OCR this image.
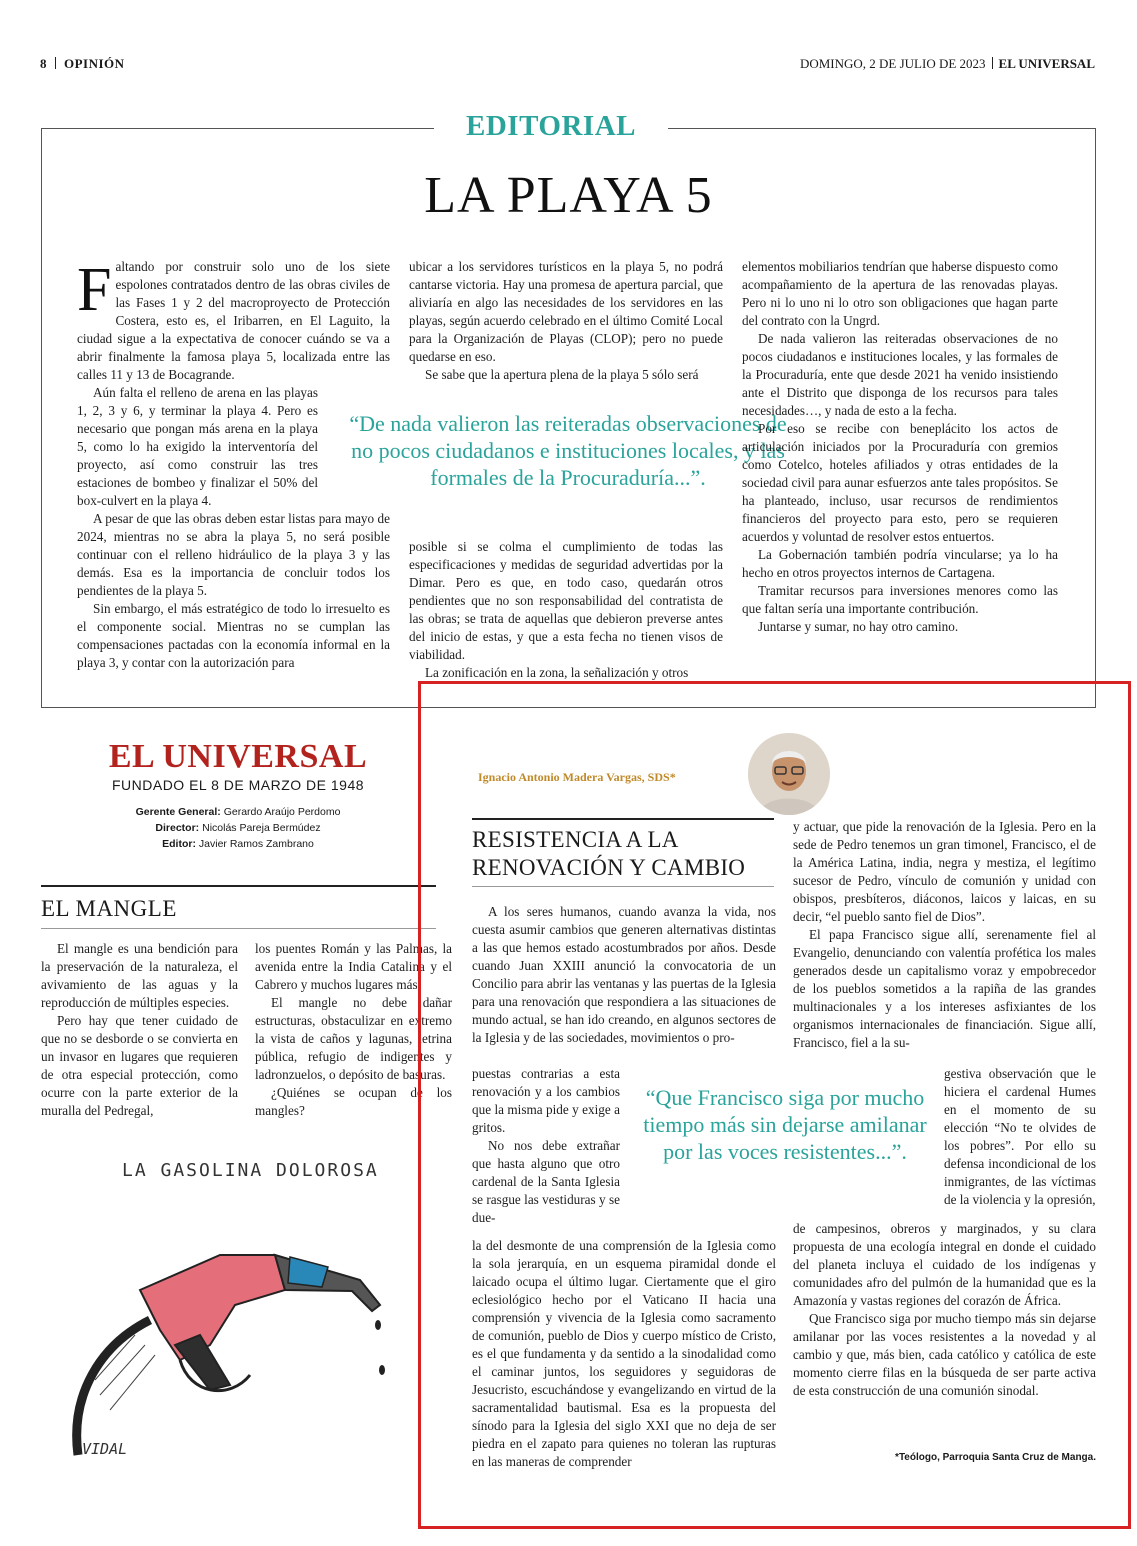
8 OPINIÓN	DOMINGO, 2 DE JULIO DE 2023 EL UNIVERSAL
EDITORIAL
LA PLAYA 5

Faltando por construir solo uno de los siete espolones contratados dentro de las obras civiles de las Fases 1 y 2 del macroproyecto de Protección Costera, esto es, el Iribarren, en El Laguito, la ciudad sigue a la expectativa de conocer cuándo se va a abrir finalmente la famosa playa 5, localizada entre las calles 11 y 13 de Bocagrande.

Aún falta el relleno de arena en las playas 1, 2, 3 y 6, y terminar la playa 4. Pero es necesario que pongan más arena en la playa 5, como lo ha exigido la interventoría del proyecto, así como construir las tres estaciones de bombeo y finalizar el 50% del box-culvert en la playa 4.

A pesar de que las obras deben estar listas para mayo de 2024, mientras no se abra la playa 5, no será posible continuar con el relleno hidráulico de la playa 3 y las demás. Esa es la importancia de concluir todos los pendientes de la playa 5.

Sin embargo, el más estratégico de todo lo irresuelto es el componente social. Mientras no se cumplan las compensaciones pactadas con la economía informal en la playa 3, y contar con la autorización para

ubicar a los servidores turísticos en la playa 5, no podrá cantarse victoria. Hay una promesa de apertura parcial, que aliviaría en algo las necesidades de los servidores en las playas, según acuerdo celebrado en el último Comité Local para la Organización de Playas (CLOP); pero no puede quedarse en eso.

Se sabe que la apertura plena de la playa 5 sólo será

“De nada valieron las reiteradas observaciones de no pocos ciudadanos e instituciones locales, y las formales de la Procuraduría...”.

posible si se colma el cumplimiento de todas las especificaciones y medidas de seguridad advertidas por la Dimar. Pero es que, en todo caso, quedarán otros pendientes que no son responsabilidad del contratista de las obras; se trata de aquellas que debieron preverse antes del inicio de estas, y que a esta fecha no tienen visos de viabilidad.

La zonificación en la zona, la señalización y otros

elementos mobiliarios tendrían que haberse dispuesto como acompañamiento de la apertura de las renovadas playas. Pero ni lo uno ni lo otro son obligaciones que hagan parte del contrato con la Ungrd.

De nada valieron las reiteradas observaciones de no pocos ciudadanos e instituciones locales, y las formales de la Procuraduría, ente que desde 2021 ha venido insistiendo ante el Distrito que disponga de los recursos para tales necesidades…, y nada de esto a la fecha.

Por eso se recibe con beneplácito los actos de articulación iniciados por la Procuraduría con gremios como Cotelco, hoteles afiliados y otras entidades de la sociedad civil para aunar esfuerzos ante tales propósitos. Se ha planteado, incluso, usar recursos de rendimientos financieros del proyecto para esto, pero se requieren acuerdos y voluntad de resolver estos entuertos.

La Gobernación también podría vincularse; ya lo ha hecho en otros proyectos internos de Cartagena.

Tramitar recursos para inversiones menores como las que faltan sería una importante contribución.

Juntarse y sumar, no hay otro camino.

EL UNIVERSAL
FUNDADO EL 8 DE MARZO DE 1948
Gerente General: Gerardo Araújo Perdomo
Director: Nicolás Pareja Bermúdez
Editor: Javier Ramos Zambrano
EL MANGLE

El mangle es una bendición para la preservación de la naturaleza, el avivamiento de las aguas y la reproducción de múltiples especies.

Pero hay que tener cuidado de que no se desborde o se convierta en un invasor en lugares que requieren de otra especial protección, como ocurre con la parte exterior de la muralla del Pedregal,

los puentes Román y las Palmas, la avenida entre la India Catalina y el Cabrero y muchos lugares más.

El mangle no debe dañar estructuras, obstaculizar en extremo la vista de caños y lagunas, letrina pública, refugio de indigentes y ladronzuelos, o depósito de basuras.

¿Quiénes se ocupan de los mangles?

LA GASOLINA DOLOROSA
VIDAL
Ignacio Antonio Madera Vargas, SDS*
RESISTENCIA A LA RENOVACIÓN Y CAMBIO

A los seres humanos, cuando avanza la vida, nos cuesta asumir cambios que generen alternativas distintas a las que hemos estado acostumbrados por años. Desde cuando Juan XXIII anunció la convocatoria de un Concilio para abrir las ventanas y las puertas de la Iglesia para una renovación que respondiera a las situaciones de mundo actual, se han ido creando, en algunos sectores de la Iglesia y de las sociedades, movimientos o pro-

puestas contrarias a esta renovación y a los cambios que la misma pide y exige a gritos.

No nos debe extrañar que hasta alguno que otro cardenal de la Santa Iglesia se rasgue las vestiduras y se due-

la del desmonte de una comprensión de la Iglesia como la sola jerarquía, en un esquema piramidal donde el laicado ocupa el último lugar. Ciertamente que el giro eclesiológico hecho por el Vaticano II hacia una comprensión y vivencia de la Iglesia como sacramento de comunión, pueblo de Dios y cuerpo místico de Cristo, es el que fundamenta y da sentido a la sinodalidad como el caminar juntos, los seguidores y seguidoras de Jesucristo, escuchándose y evangelizando en virtud de la sacramentalidad bautismal. Esa es la propuesta del sínodo para la Iglesia del siglo XXI que no deja de ser piedra en el zapato para quienes no toleran las rupturas en las maneras de comprender

y actuar, que pide la renovación de la Iglesia. Pero en la sede de Pedro tenemos un gran timonel, Francisco, el de la América Latina, india, negra y mestiza, el legítimo sucesor de Pedro, vínculo de comunión y unidad con obispos, presbíteros, diáconos, laicos y laicas, en su decir, “el pueblo santo fiel de Dios”.

El papa Francisco sigue allí, serenamente fiel al Evangelio, denunciando con valentía profética los males generados desde un capitalismo voraz y empobrecedor de los pueblos sometidos a la rapiña de las grandes multinacionales y a los intereses asfixiantes de los organismos internacionales de financiación. Sigue allí, Francisco, fiel a la su-

gestiva observación que le hiciera el cardenal Humes en el momento de su elección “No te olvides de los pobres”. Por ello su defensa incondicional de los inmigrantes, de las víctimas de la violencia y la opresión,

de campesinos, obreros y marginados, y su clara propuesta de una ecología integral en donde el cuidado del planeta incluya el cuidado de los indígenas y comunidades afro del pulmón de la humanidad que es la Amazonía y vastas regiones del corazón de África.

Que Francisco siga por mucho tiempo más sin dejarse amilanar por las voces resistentes a la novedad y al cambio y que, más bien, cada católico y católica de este momento cierre filas en la búsqueda de ser parte activa de esta construcción de una comunión sinodal.

“Que Francisco siga por mucho tiempo más sin dejarse amilanar por las voces resistentes...”.
*Teólogo, Parroquia Santa Cruz de Manga.
